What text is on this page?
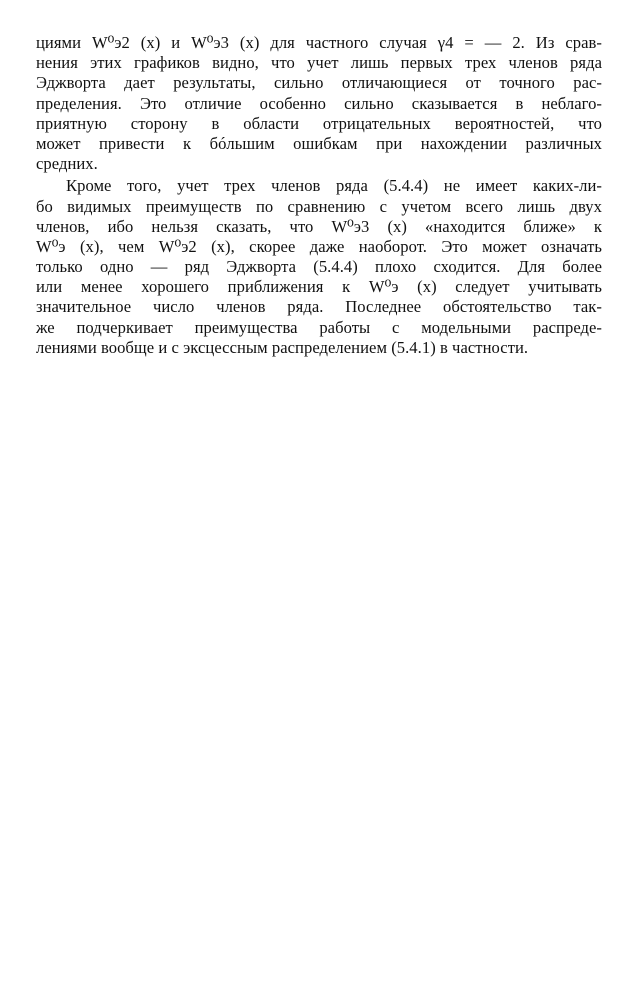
циями W⁰э2 (x) и W⁰э3 (x) для частного случая γ4 = — 2. Из срав-
нения этих графиков видно, что учет лишь первых трех членов ряда
Эджворта дает результаты, сильно отличающиеся от точного рас-
пределения. Это отличие особенно сильно сказывается в неблаго-
приятную сторону в области отрицательных вероятностей, что
может привести к бóльшим ошибкам при нахождении различных
средних.
Кроме того, учет трех членов ряда (5.4.4) не имеет каких-ли-
бо видимых преимуществ по сравнению с учетом всего лишь двух
членов, ибо нельзя сказать, что W⁰э3 (x) «находится ближе» к
W⁰э (x), чем W⁰э2 (x), скорее даже наоборот. Это может означать
только одно — ряд Эджворта (5.4.4) плохо сходится. Для более
или менее хорошего приближения к W⁰э (x) следует учитывать
значительное число членов ряда. Последнее обстоятельство так-
же подчеркивает преимущества работы с модельными распреде-
лениями вообще и с эксцессным распределением (5.4.1) в частности.
